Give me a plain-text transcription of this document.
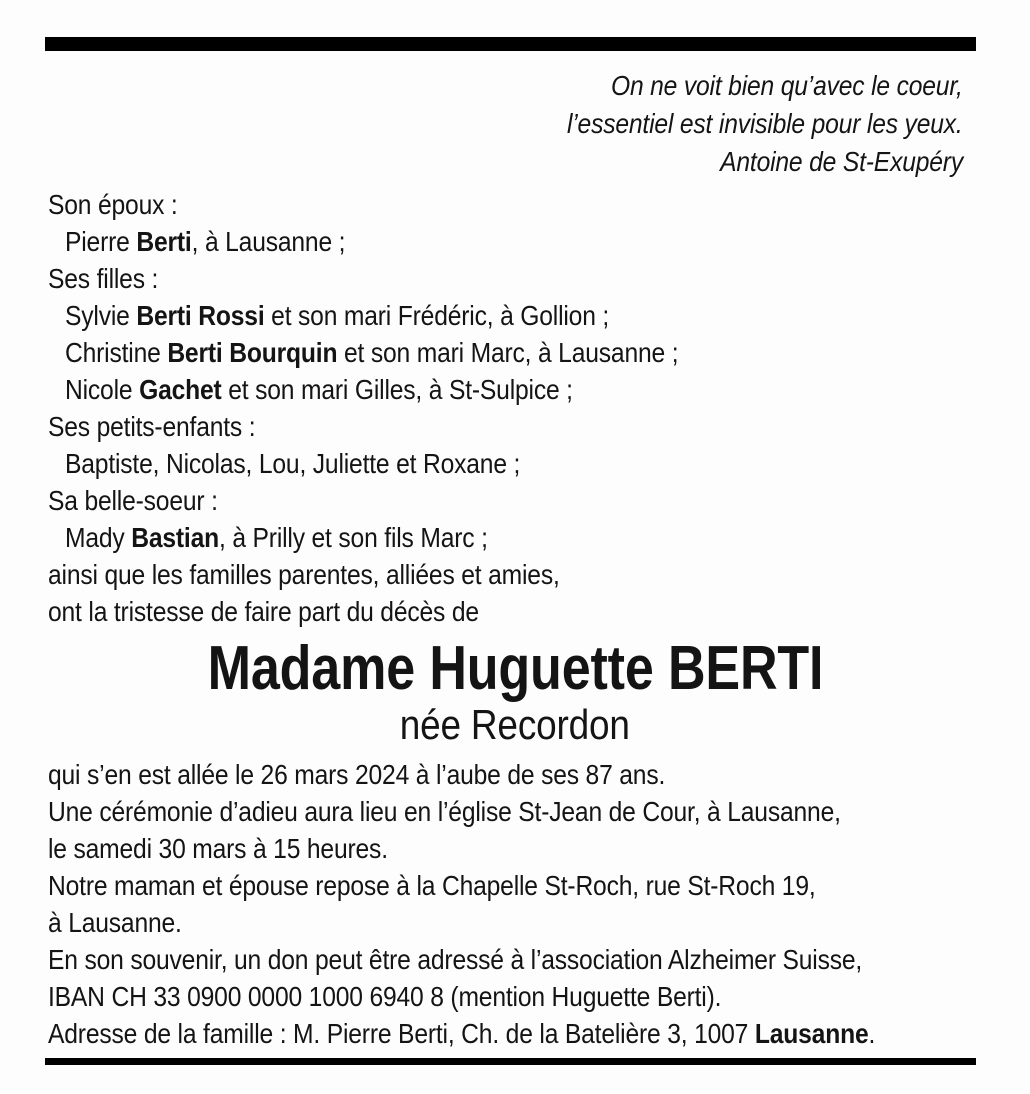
On ne voit bien qu’avec le coeur,
l’essentiel est invisible pour les yeux.
Antoine de St-Exupéry
Son époux :
Pierre Berti, à Lausanne ;
Ses filles :
Sylvie Berti Rossi et son mari Frédéric, à Gollion ;
Christine Berti Bourquin et son mari Marc, à Lausanne ;
Nicole Gachet et son mari Gilles, à St-Sulpice ;
Ses petits-enfants :
Baptiste, Nicolas, Lou, Juliette et Roxane ;
Sa belle-soeur :
Mady Bastian, à Prilly et son fils Marc ;
ainsi que les familles parentes, alliées et amies,
ont la tristesse de faire part du décès de
Madame Huguette BERTI
née Recordon
qui s’en est allée le 26 mars 2024 à l’aube de ses 87 ans.
Une cérémonie d’adieu aura lieu en l’église St-Jean de Cour, à Lausanne,
le samedi 30 mars à 15 heures.
Notre maman et épouse repose à la Chapelle St-Roch, rue St-Roch 19,
à Lausanne.
En son souvenir, un don peut être adressé à l’association Alzheimer Suisse,
IBAN CH 33 0900 0000 1000 6940 8 (mention Huguette Berti).
Adresse de la famille : M. Pierre Berti, Ch. de la Batelière 3, 1007 Lausanne.
